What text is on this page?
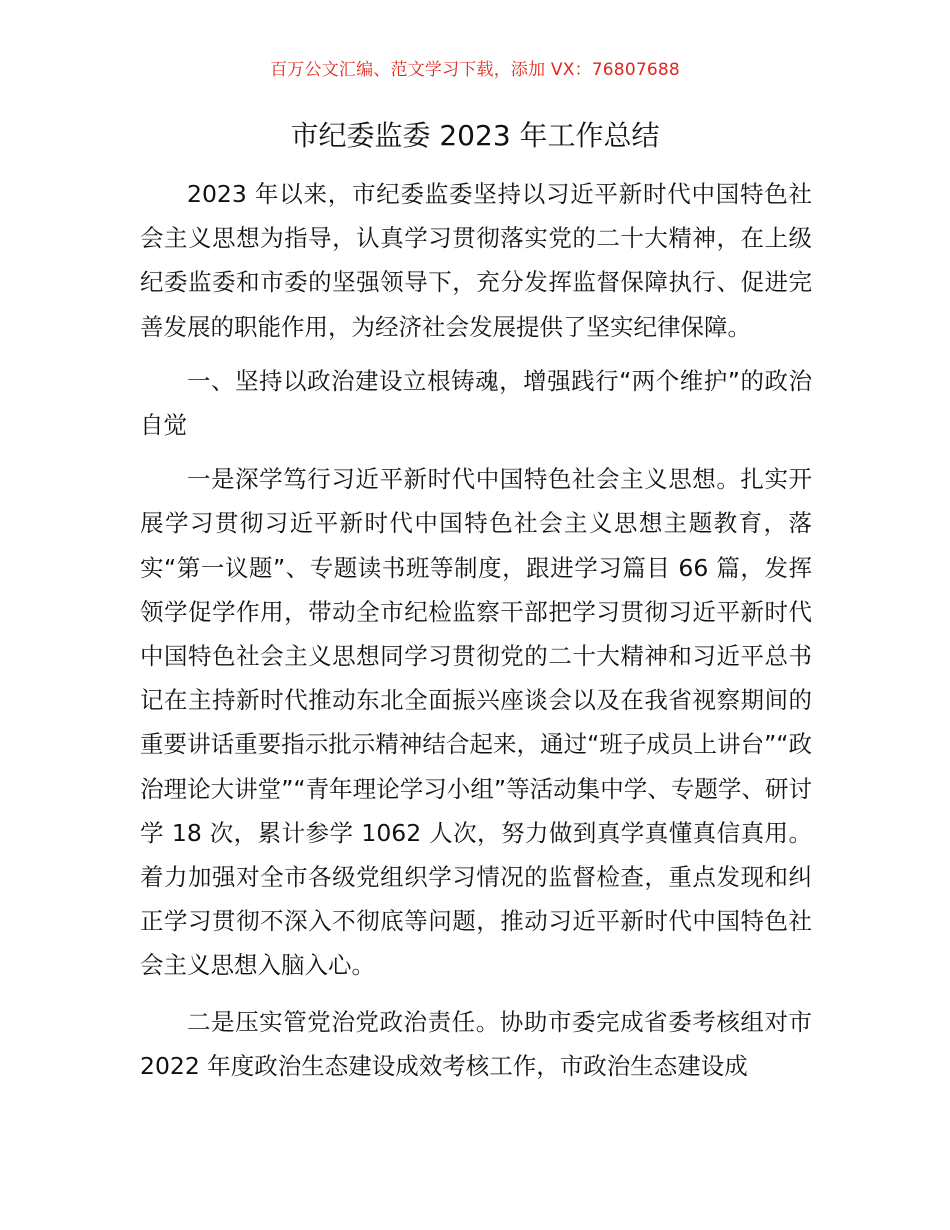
百万公文汇编、范文学习下载，添加 VX：76807688
市纪委监委 2023 年工作总结

2023 年以来，市纪委监委坚持以习近平新时代中国特色社会主义思想为指导，认真学习贯彻落实党的二十大精神，在上级纪委监委和市委的坚强领导下，充分发挥监督保障执行、促进完善发展的职能作用，为经济社会发展提供了坚实纪律保障。

一、坚持以政治建设立根铸魂，增强践行“两个维护”的政治自觉

一是深学笃行习近平新时代中国特色社会主义思想。扎实开展学习贯彻习近平新时代中国特色社会主义思想主题教育，落实“第一议题”、专题读书班等制度，跟进学习篇目 66 篇，发挥领学促学作用，带动全市纪检监察干部把学习贯彻习近平新时代中国特色社会主义思想同学习贯彻党的二十大精神和习近平总书记在主持新时代推动东北全面振兴座谈会以及在我省视察期间的重要讲话重要指示批示精神结合起来，通过“班子成员上讲台”“政治理论大讲堂”“青年理论学习小组”等活动集中学、专题学、研讨学 18 次，累计参学 1062 人次，努力做到真学真懂真信真用。着力加强对全市各级党组织学习情况的监督检查，重点发现和纠正学习贯彻不深入不彻底等问题，推动习近平新时代中国特色社会主义思想入脑入心。

二是压实管党治党政治责任。协助市委完成省委考核组对市 2022 年度政治生态建设成效考核工作，市政治生态建设成
